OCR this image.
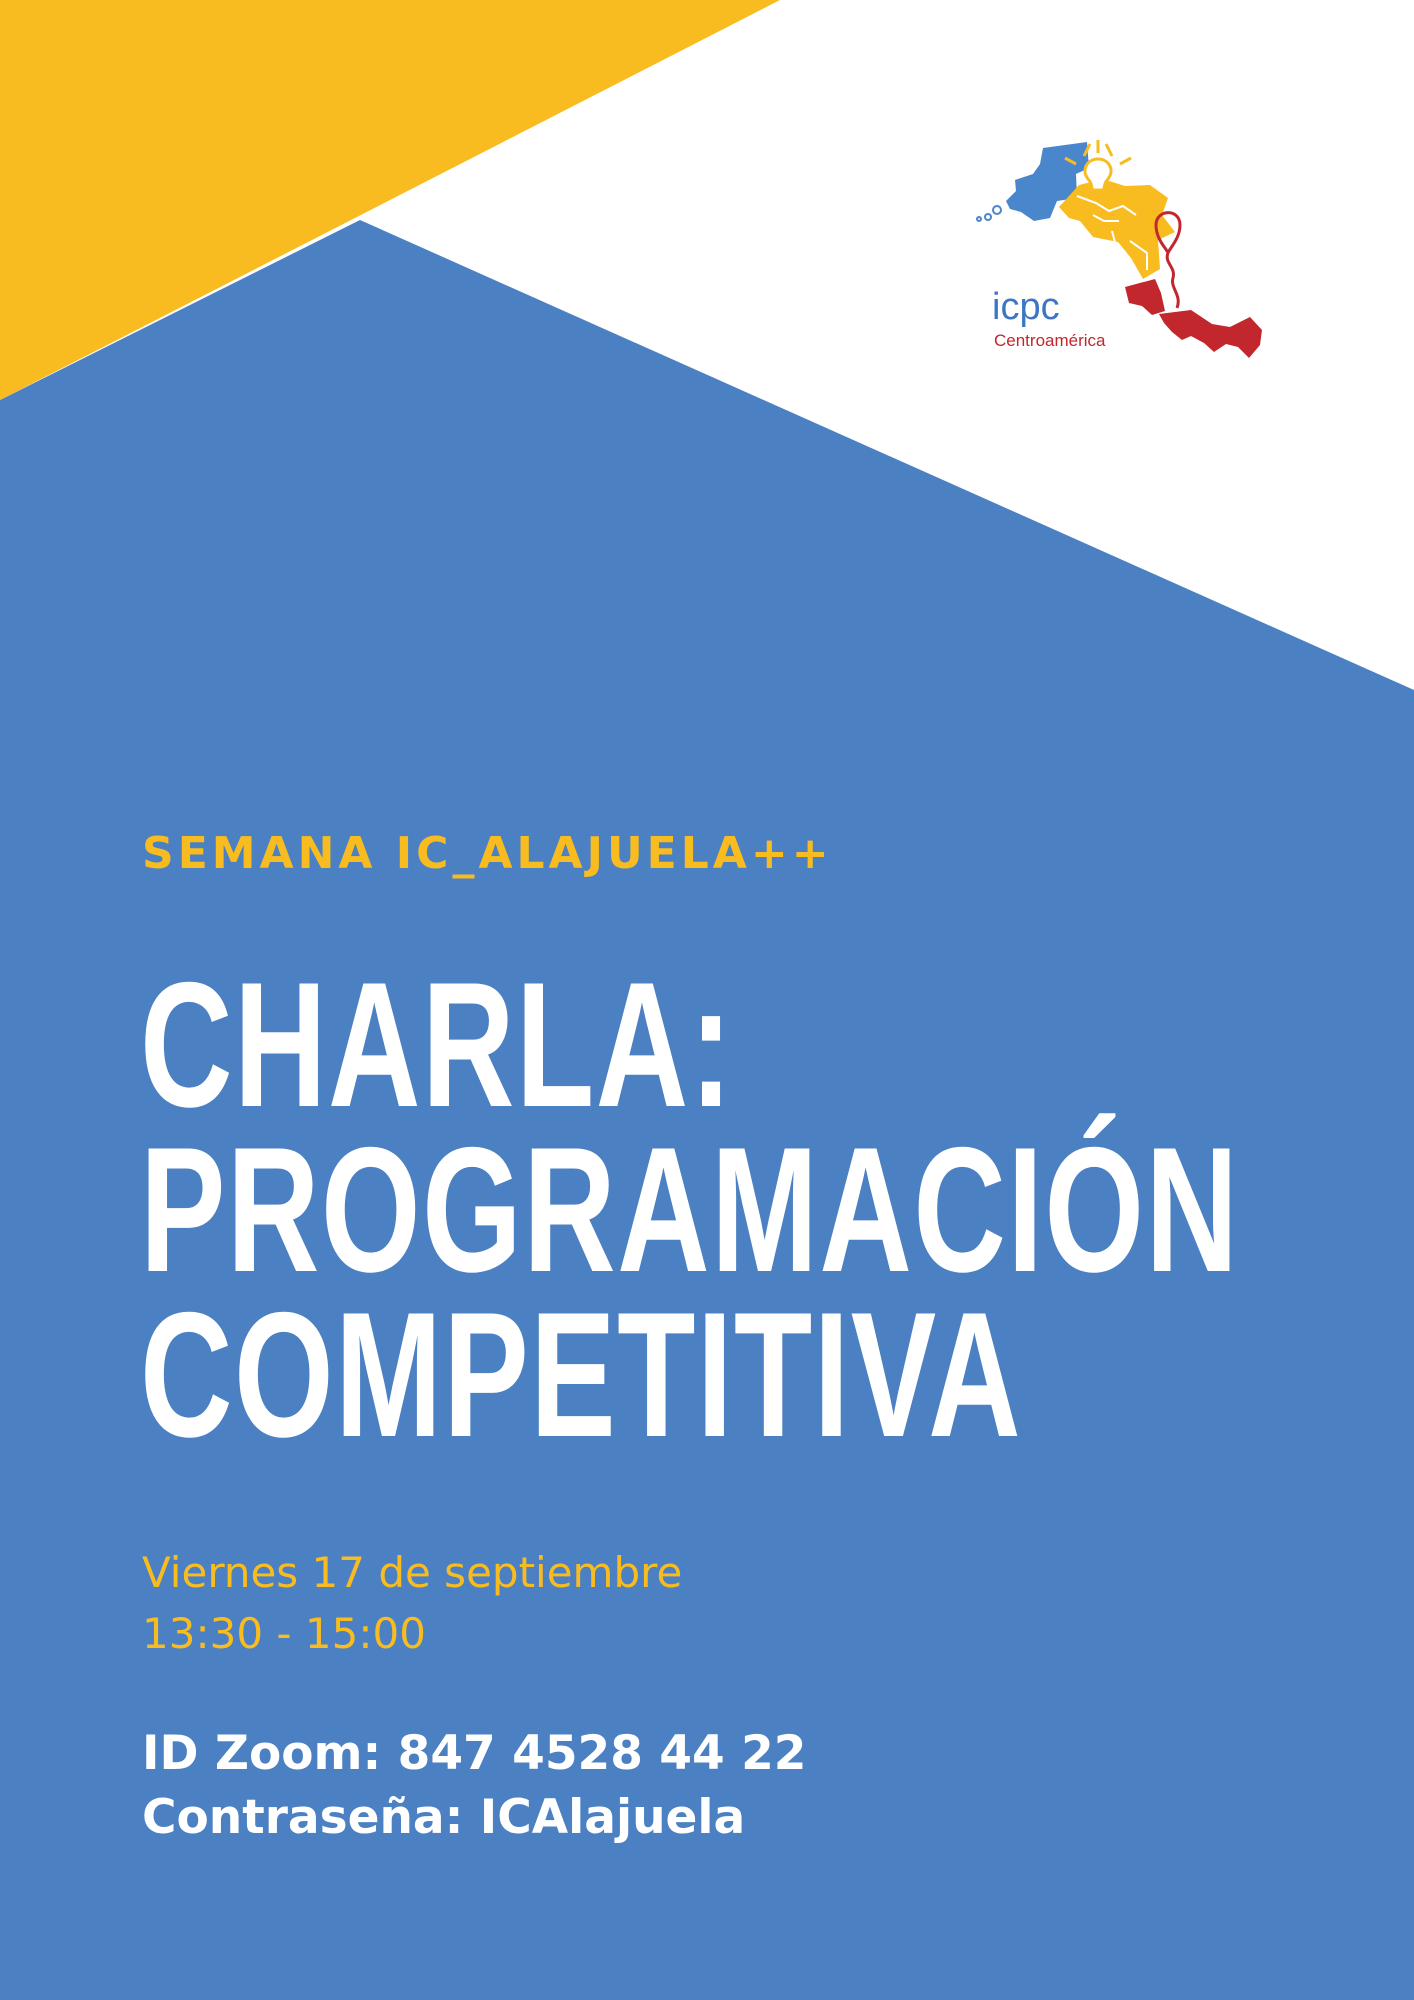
icpc
Centroamérica
SEMANA IC_ALAJUELA++
CHARLA:
PROGRAMACIÓN
COMPETITIVA
Viernes 17 de septiembre
13:30 - 15:00
ID Zoom: 847 4528 44 22
Contraseña: ICAlajuela
